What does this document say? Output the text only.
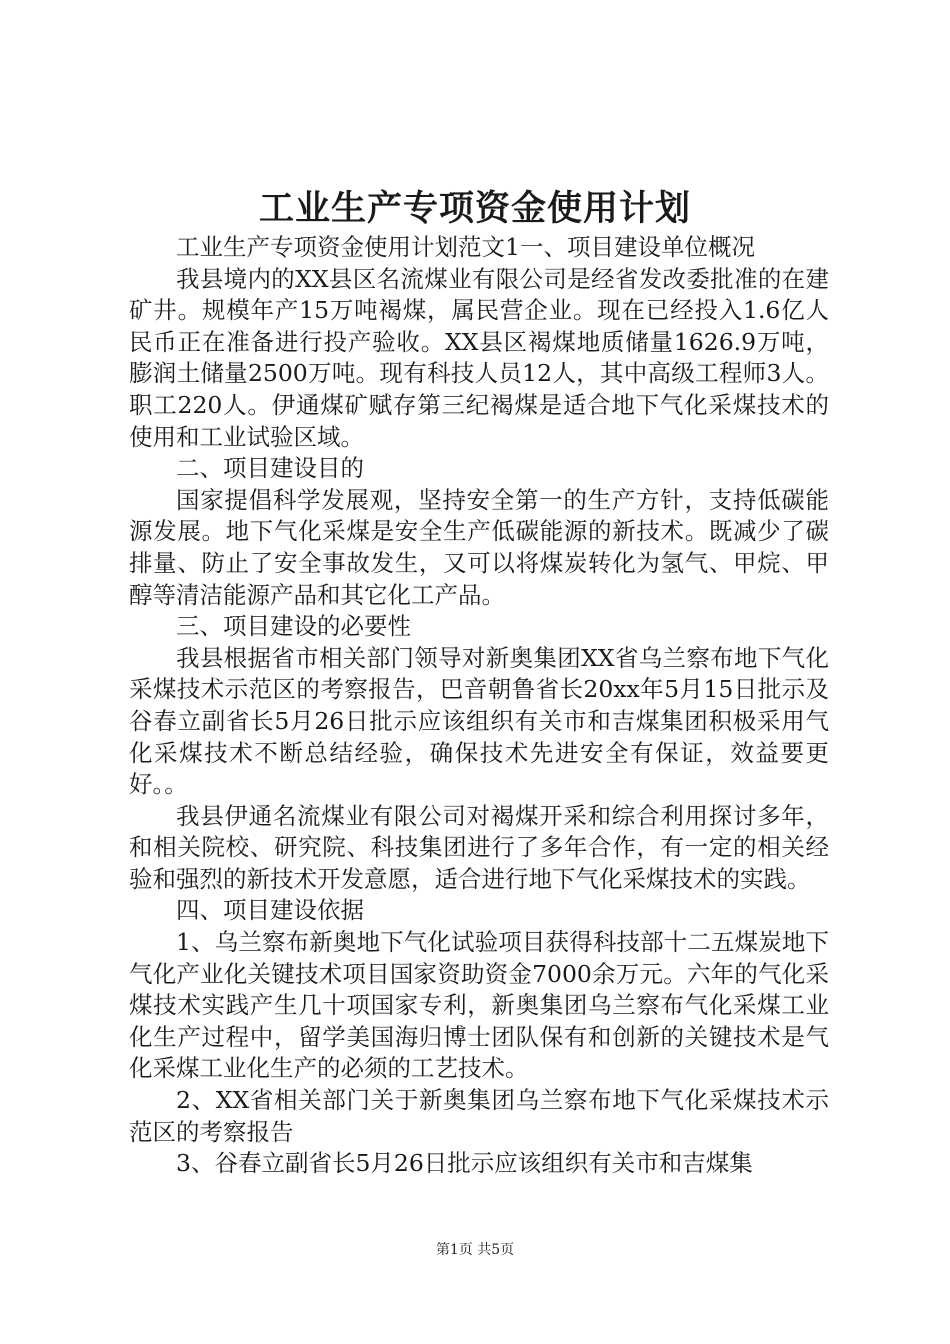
工业生产专项资金使用计划

工业生产专项资金使用计划范文1一、项目建设单位概况

我县境内的XX县区名流煤业有限公司是经省发改委批准的在建矿井。规模年产15万吨褐煤，属民营企业。现在已经投入1.6亿人民币正在准备进行投产验收。XX县区褐煤地质储量1626.9万吨，膨润土储量2500万吨。现有科技人员12人，其中高级工程师3人。职工220人。伊通煤矿赋存第三纪褐煤是适合地下气化采煤技术的使用和工业试验区域。

二、项目建设目的

国家提倡科学发展观，坚持安全第一的生产方针，支持低碳能源发展。地下气化采煤是安全生产低碳能源的新技术。既减少了碳排量、防止了安全事故发生，又可以将煤炭转化为氢气、甲烷、甲醇等清洁能源产品和其它化工产品。

三、项目建设的必要性

我县根据省市相关部门领导对新奥集团XX省乌兰察布地下气化采煤技术示范区的考察报告，巴音朝鲁省长20xx年5月15日批示及谷春立副省长5月26日批示应该组织有关市和吉煤集团积极采用气化采煤技术不断总结经验，确保技术先进安全有保证，效益要更好。。

我县伊通名流煤业有限公司对褐煤开采和综合利用探讨多年，和相关院校、研究院、科技集团进行了多年合作，有一定的相关经验和强烈的新技术开发意愿，适合进行地下气化采煤技术的实践。

四、项目建设依据

1、乌兰察布新奥地下气化试验项目获得科技部十二五煤炭地下气化产业化关键技术项目国家资助资金7000余万元。六年的气化采煤技术实践产生几十项国家专利，新奥集团乌兰察布气化采煤工业化生产过程中，留学美国海归博士团队保有和创新的关键技术是气化采煤工业化生产的必须的工艺技术。

2、XX省相关部门关于新奥集团乌兰察布地下气化采煤技术示范区的考察报告

3、谷春立副省长5月26日批示应该组织有关市和吉煤集

第1页 共5页
